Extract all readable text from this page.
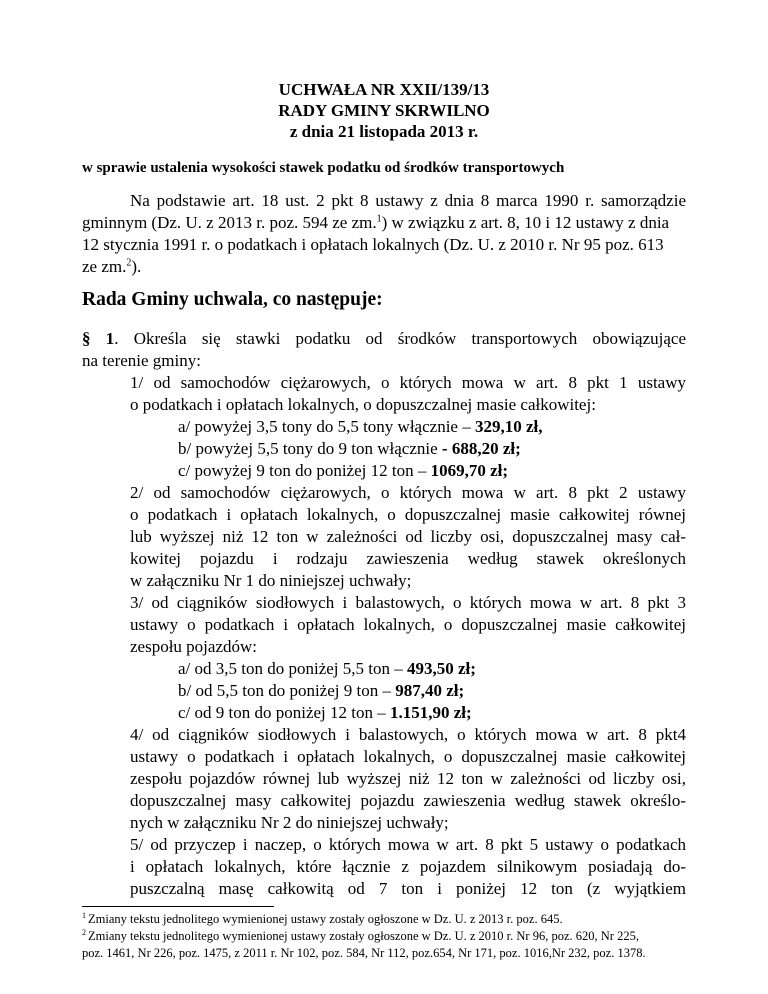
UCHWAŁA NR XXII/139/13
RADY GMINY SKRWILNO
z dnia 21 listopada 2013 r.
w sprawie ustalenia wysokości stawek podatku od środków transportowych
Na podstawie art. 18 ust. 2 pkt 8 ustawy z dnia 8 marca 1990 r. samorządzie
gminnym (Dz. U. z 2013 r. poz. 594 ze zm.$^1$) w związku z art. 8, 10 i 12 ustawy z dnia
12 stycznia 1991 r. o podatkach i opłatach lokalnych (Dz. U. z 2010 r. Nr 95 poz. 613
ze zm.$^2$).
Rada Gminy uchwala, co następuje:
§ 1. Określa się stawki podatku od środków transportowych obowiązujące
na terenie gminy:
1/ od samochodów ciężarowych, o których mowa w art. 8 pkt 1 ustawy
o podatkach i opłatach lokalnych, o dopuszczalnej masie całkowitej:
a/ powyżej 3,5 tony do 5,5 tony włącznie – 329,10 zł,
b/ powyżej 5,5 tony do 9 ton włącznie - 688,20 zł;
c/ powyżej 9 ton do poniżej 12 ton – 1069,70 zł;
2/ od samochodów ciężarowych, o których mowa w art. 8 pkt 2 ustawy
o podatkach i opłatach lokalnych, o dopuszczalnej masie całkowitej równej
lub wyższej niż 12 ton w zależności od liczby osi, dopuszczalnej masy cał-
kowitej pojazdu i rodzaju zawieszenia według stawek określonych
w załączniku Nr 1 do niniejszej uchwały;
3/ od ciągników siodłowych i balastowych, o których mowa w art. 8 pkt 3
ustawy o podatkach i opłatach lokalnych, o dopuszczalnej masie całkowitej
zespołu pojazdów:
a/ od 3,5 ton do poniżej 5,5 ton – 493,50 zł;
b/ od 5,5 ton do poniżej 9 ton – 987,40 zł;
c/ od 9 ton do poniżej 12 ton – 1.151,90 zł;
4/ od ciągników siodłowych i balastowych, o których mowa w art. 8 pkt4
ustawy o podatkach i opłatach lokalnych, o dopuszczalnej masie całkowitej
zespołu pojazdów równej lub wyższej niż 12 ton w zależności od liczby osi,
dopuszczalnej masy całkowitej pojazdu zawieszenia według stawek określo-
nych w załączniku Nr 2 do niniejszej uchwały;
5/ od przyczep i naczep, o których mowa w art. 8 pkt 5 ustawy o podatkach
i opłatach lokalnych, które łącznie z pojazdem silnikowym posiadają do-
puszczalną masę całkowitą od 7 ton i poniżej 12 ton (z wyjątkiem
$^1$ Zmiany tekstu jednolitego wymienionej ustawy zostały ogłoszone w Dz. U. z 2013 r. poz. 645.
$^2$ Zmiany tekstu jednolitego wymienionej ustawy zostały ogłoszone w Dz. U. z 2010 r. Nr 96, poz. 620, Nr 225,
poz. 1461, Nr 226, poz. 1475, z 2011 r. Nr 102, poz. 584, Nr 112, poz.654, Nr 171, poz. 1016,Nr 232, poz. 1378.
